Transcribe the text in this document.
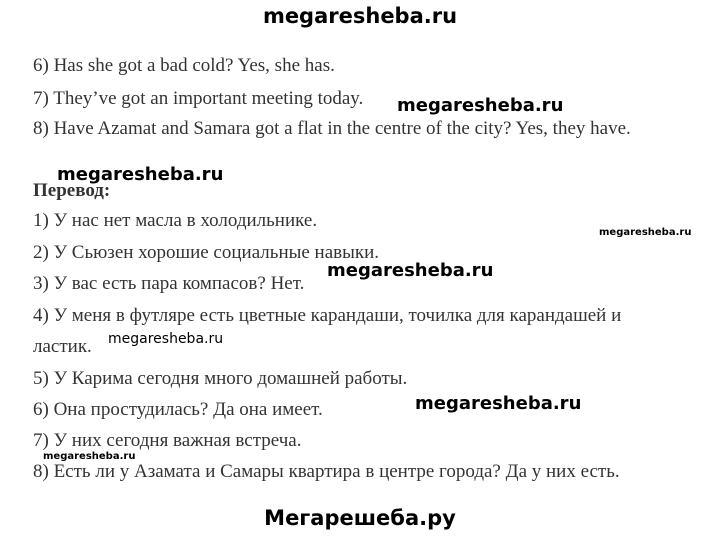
megaresheba.ru
6) Has she got a bad cold? Yes, she has.
7) They’ve got an important meeting today.
8) Have Azamat and Samara got a flat in the centre of the city? Yes, they have.
Перевод:
1) У нас нет масла в холодильнике.
2) У Сьюзен хорошие социальные навыки.
3) У вас есть пара компасов? Нет.
4) У меня в футляре есть цветные карандаши, точилка для карандашей и
ластик.
5) У Карима сегодня много домашней работы.
6) Она простудилась? Да она имеет.
7) У них сегодня важная встреча.
8) Есть ли у Азамата и Самары квартира в центре города? Да у них есть.
megaresheba.ru
megaresheba.ru
megaresheba.ru
megaresheba.ru
megaresheba.ru
megaresheba.ru
megaresheba.ru
Мегарешеба.ру
